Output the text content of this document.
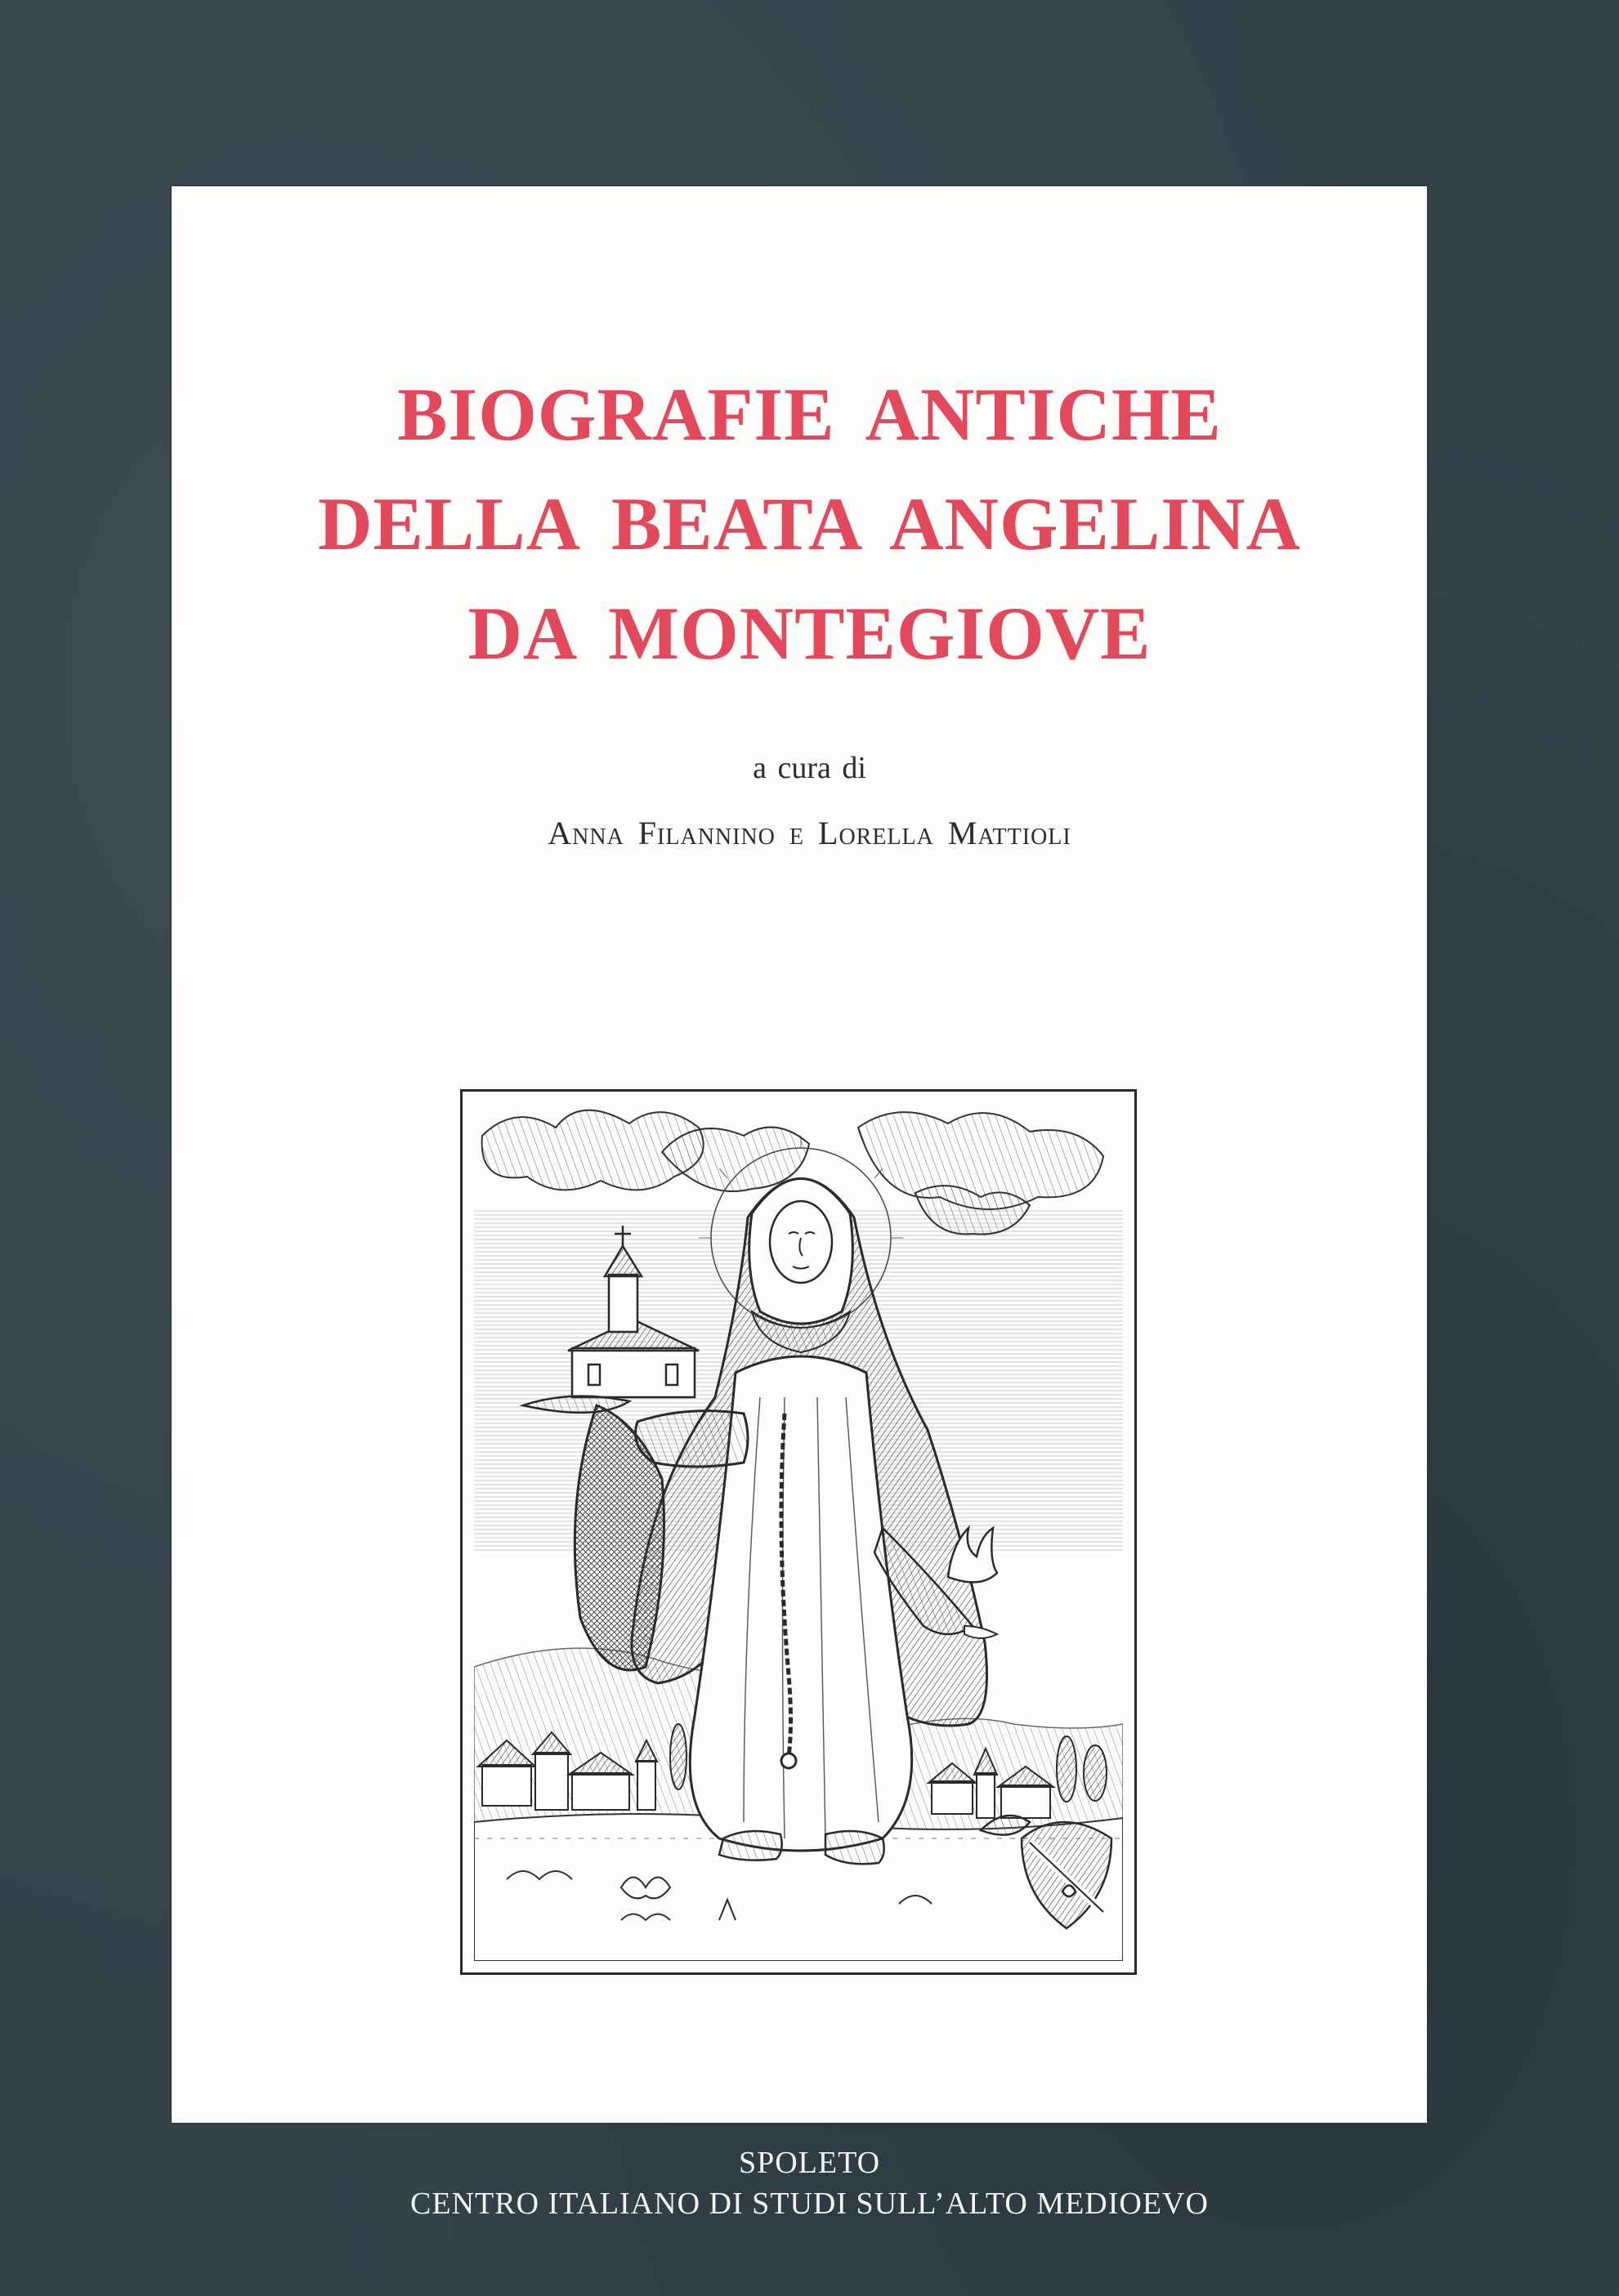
BIOGRAFIE ANTICHE
DELLA BEATA ANGELINA
DA MONTEGIOVE
a cura di
Anna Filannino e Lorella Mattioli
SPOLETO
CENTRO ITALIANO DI STUDI SULL’ALTO MEDIOEVO
